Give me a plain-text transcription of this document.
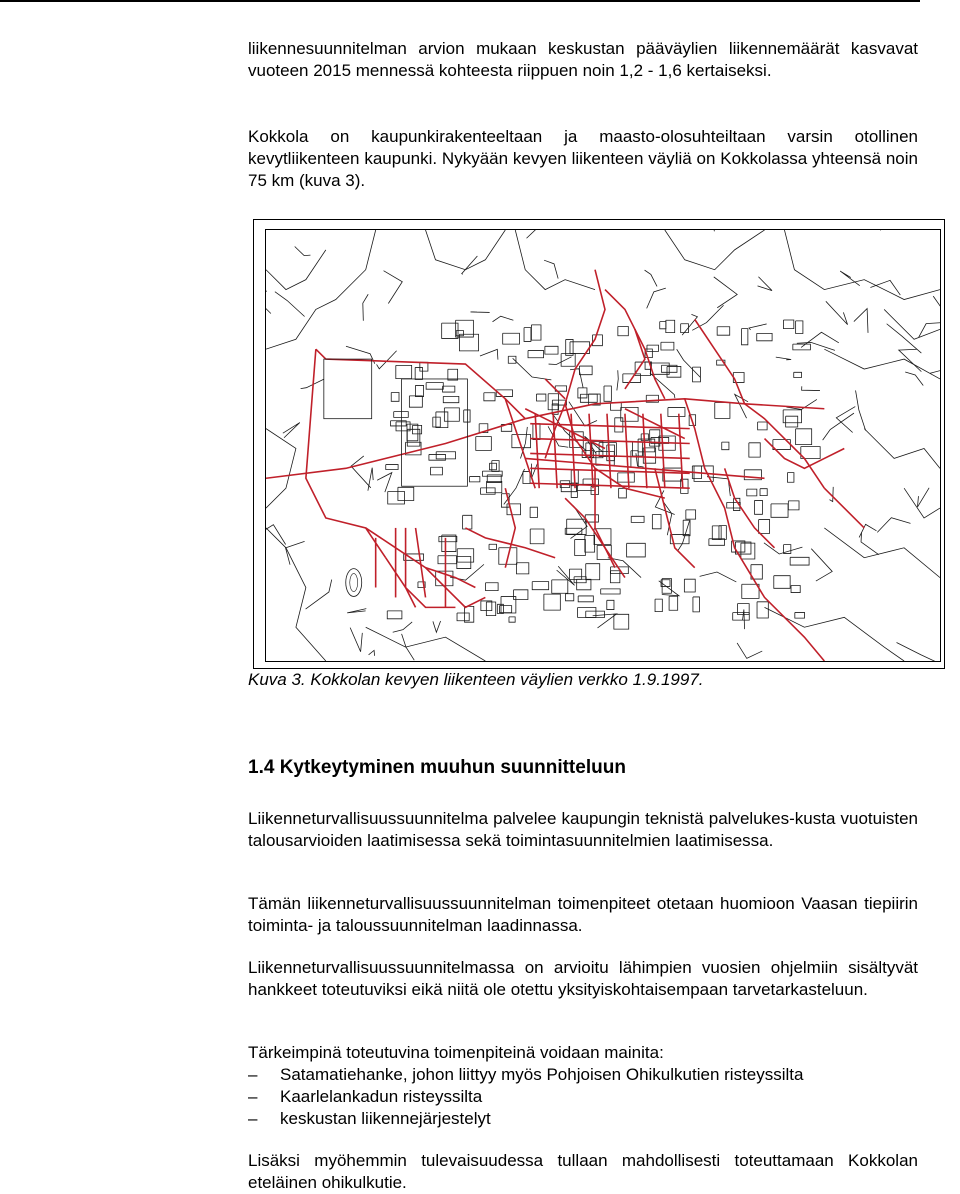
liikennesuunnitelman arvion mukaan keskustan pääväylien liikennemäärät kasvavat vuoteen 2015 mennessä kohteesta riippuen noin 1,2 - 1,6 kertaiseksi.

Kokkola on kaupunkirakenteeltaan ja maasto-olosuhteiltaan varsin otollinen kevytliikenteen kaupunki. Nykyään kevyen liikenteen väyliä on Kokkolassa yhteensä noin 75 km (kuva 3).

Kuva 3. Kokkolan kevyen liikenteen väylien verkko 1.9.1997.

1.4 Kytkeytyminen muuhun suunnitteluun

Liikenneturvallisuussuunnitelma palvelee kaupungin teknistä palvelukes-kusta vuotuisten talousarvioiden laatimisessa sekä toimintasuunnitelmien laatimisessa.

Tämän liikenneturvallisuussuunnitelman toimenpiteet otetaan huomioon Vaasan tiepiirin toiminta- ja taloussuunnitelman laadinnassa.

Liikenneturvallisuussuunnitelmassa on arvioitu lähimpien vuosien ohjelmiin sisältyvät hankkeet toteutuviksi eikä niitä ole otettu yksityiskohtaisempaan tarvetarkasteluun.

Tärkeimpinä toteutuvina toimenpiteinä voidaan mainita:

– Satamatiehanke, johon liittyy myös Pohjoisen Ohikulkutien risteyssilta
– Kaarlelankadun risteyssilta
– keskustan liikennejärjestelyt

Lisäksi myöhemmin tulevaisuudessa tullaan mahdollisesti toteuttamaan Kokkolan eteläinen ohikulkutie.
